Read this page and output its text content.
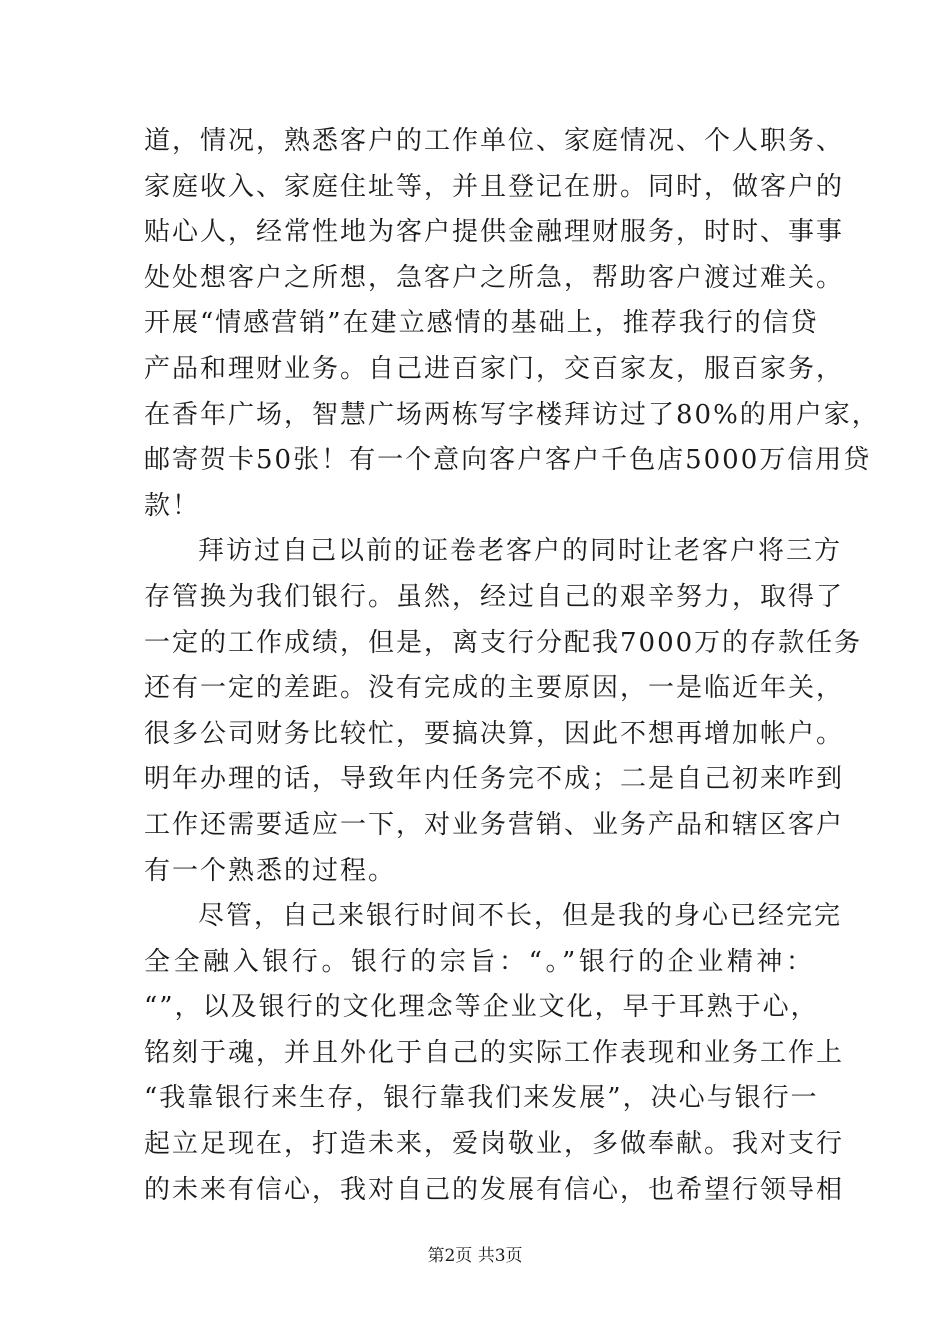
道，情况，熟悉客户的工作单位、家庭情况、个人职务、
家庭收入、家庭住址等，并且登记在册。同时，做客户的
贴心人，经常性地为客户提供金融理财服务，时时、事事
处处想客户之所想，急客户之所急，帮助客户渡过难关。
开展“情感营销”在建立感情的基础上，推荐我行的信贷
产品和理财业务。自己进百家门，交百家友，服百家务，
在香年广场，智慧广场两栋写字楼拜访过了80%的用户家，
邮寄贺卡50张！有一个意向客户客户千色店5000万信用贷
款！
拜访过自己以前的证卷老客户的同时让老客户将三方
存管换为我们银行。虽然，经过自己的艰辛努力，取得了
一定的工作成绩，但是，离支行分配我7000万的存款任务
还有一定的差距。没有完成的主要原因，一是临近年关，
很多公司财务比较忙，要搞决算，因此不想再增加帐户。
明年办理的话，导致年内任务完不成；二是自己初来咋到
工作还需要适应一下，对业务营销、业务产品和辖区客户
有一个熟悉的过程。
尽管，自己来银行时间不长，但是我的身心已经完完
全全融入银行。银行的宗旨：“。”银行的企业精神：
“”，以及银行的文化理念等企业文化，早于耳熟于心，
铭刻于魂，并且外化于自己的实际工作表现和业务工作上
“我靠银行来生存，银行靠我们来发展”，决心与银行一
起立足现在，打造未来，爱岗敬业，多做奉献。我对支行
的未来有信心，我对自己的发展有信心，也希望行领导相
第2页 共3页
